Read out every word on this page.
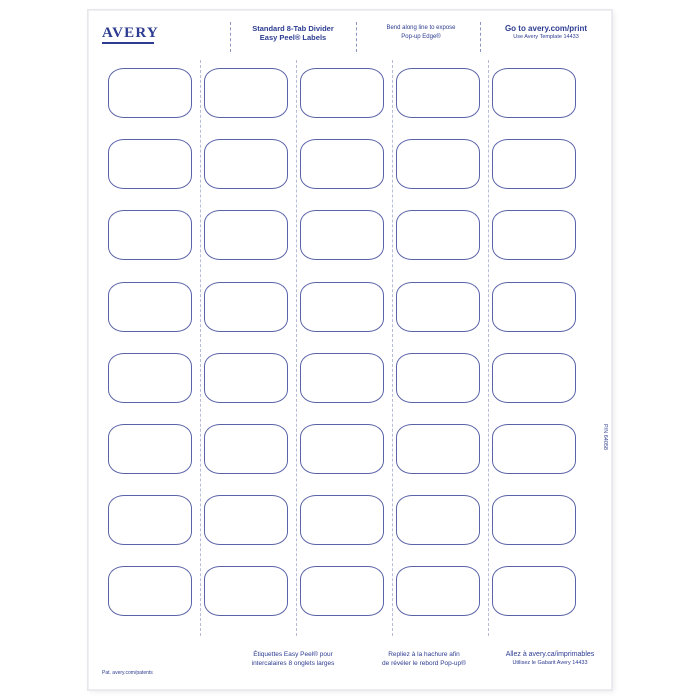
AVERY	Standard 8-Tab Divider
Easy Peel® Labels
Bend along line to expose
Pop-up Edge®
Go to avery.com/print
Use Avery Template 14433
P/N 64058
Pat. avery.com/patents
Étiquettes Easy Peel® pour
intercalaires 8 onglets larges
Repliez à la hachure afin
de révéler le rebord Pop-up®
Allez à avery.ca/imprimables
Utilisez le Gabarit Avery 14433
